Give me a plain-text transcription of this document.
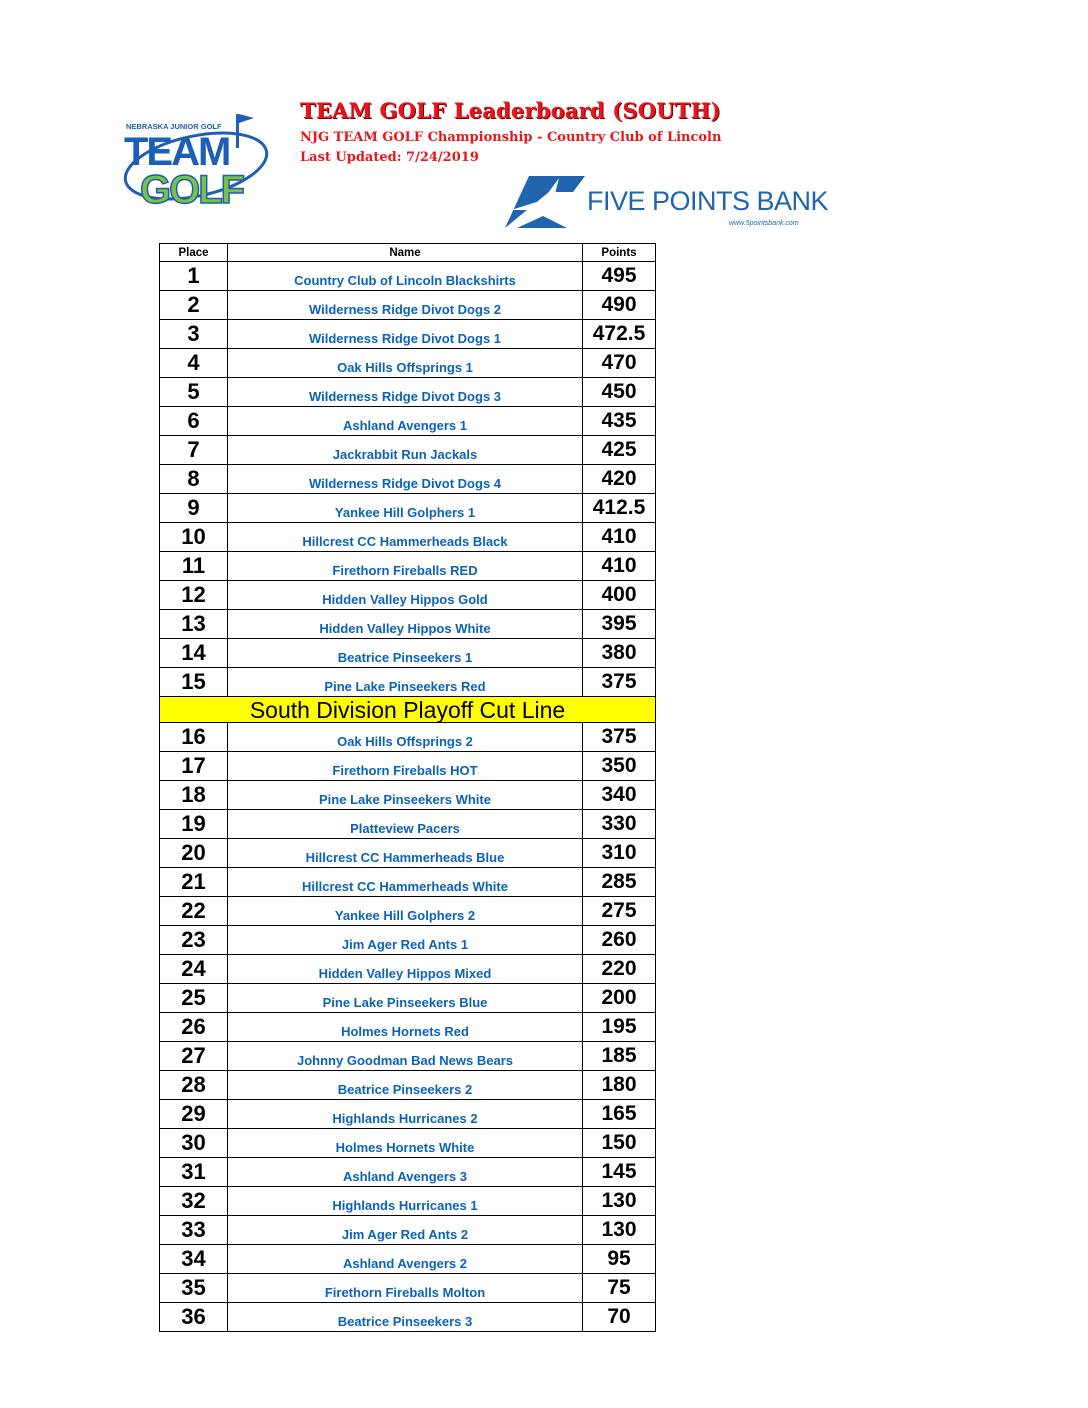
NEBRASKA JUNIOR GOLF
TEAM
GOLF
TEAM GOLF Leaderboard (SOUTH)
NJG TEAM GOLF Championship - Country Club of Lincoln
Last Updated: 7/24/2019
FIVE POINTS BANK
www.5pointsbank.com
Place	Name	Points
1	Country Club of Lincoln Blackshirts	495
2	Wilderness Ridge Divot Dogs 2	490
3	Wilderness Ridge Divot Dogs 1	472.5
4	Oak Hills Offsprings 1	470
5	Wilderness Ridge Divot Dogs 3	450
6	Ashland Avengers 1	435
7	Jackrabbit Run Jackals	425
8	Wilderness Ridge Divot Dogs 4	420
9	Yankee Hill Golphers 1	412.5
10	Hillcrest CC Hammerheads Black	410
11	Firethorn Fireballs RED	410
12	Hidden Valley Hippos Gold	400
13	Hidden Valley Hippos White	395
14	Beatrice Pinseekers 1	380
15	Pine Lake Pinseekers Red	375
South Division Playoff Cut Line		
16	Oak Hills Offsprings 2	375
17	Firethorn Fireballs HOT	350
18	Pine Lake Pinseekers White	340
19	Platteview Pacers	330
20	Hillcrest CC Hammerheads Blue	310
21	Hillcrest CC Hammerheads White	285
22	Yankee Hill Golphers 2	275
23	Jim Ager Red Ants 1	260
24	Hidden Valley Hippos Mixed	220
25	Pine Lake Pinseekers Blue	200
26	Holmes Hornets Red	195
27	Johnny Goodman Bad News Bears	185
28	Beatrice Pinseekers 2	180
29	Highlands Hurricanes 2	165
30	Holmes Hornets White	150
31	Ashland Avengers 3	145
32	Highlands Hurricanes 1	130
33	Jim Ager Red Ants 2	130
34	Ashland Avengers 2	95
35	Firethorn Fireballs Molton	75
36	Beatrice Pinseekers 3	70
